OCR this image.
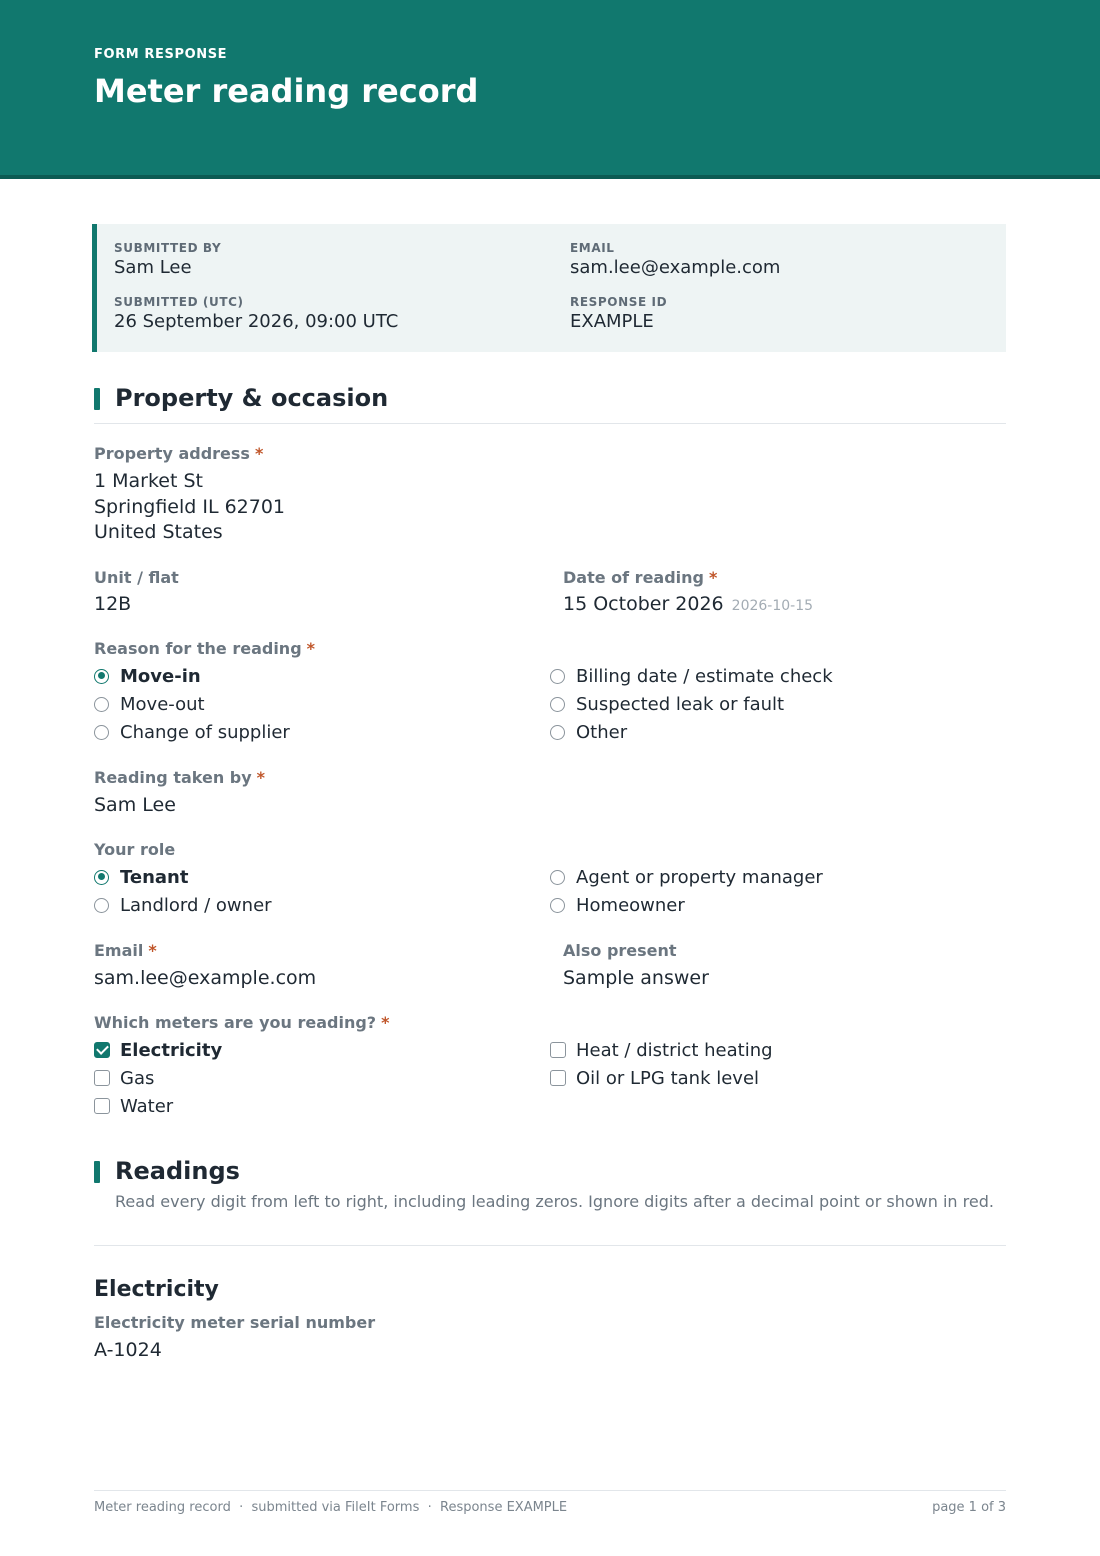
FORM RESPONSE
Meter reading record
SUBMITTED BY
Sam Lee
EMAIL
sam.lee@example.com
SUBMITTED (UTC)
26 September 2026, 09:00 UTC
RESPONSE ID
EXAMPLE
Property & occasion
Property address *
1 Market St
Springfield IL 62701
United States
Unit / flat
12B
Date of reading *
15 October 2026 2026-10-15
Reason for the reading *
Move-in
Move-out
Change of supplier
Billing date / estimate check
Suspected leak or fault
Other
Reading taken by *
Sam Lee
Your role
Tenant
Landlord / owner
Agent or property manager
Homeowner
Email *
sam.lee@example.com
Also present
Sample answer
Which meters are you reading? *
Electricity
Gas
Water
Heat / district heating
Oil or LPG tank level
Readings
Read every digit from left to right, including leading zeros. Ignore digits after a decimal point or shown in red.
Electricity
Electricity meter serial number
A-1024
Meter reading record  ·  submitted via FileIt Forms  ·  Response EXAMPLE	page 1 of 3
